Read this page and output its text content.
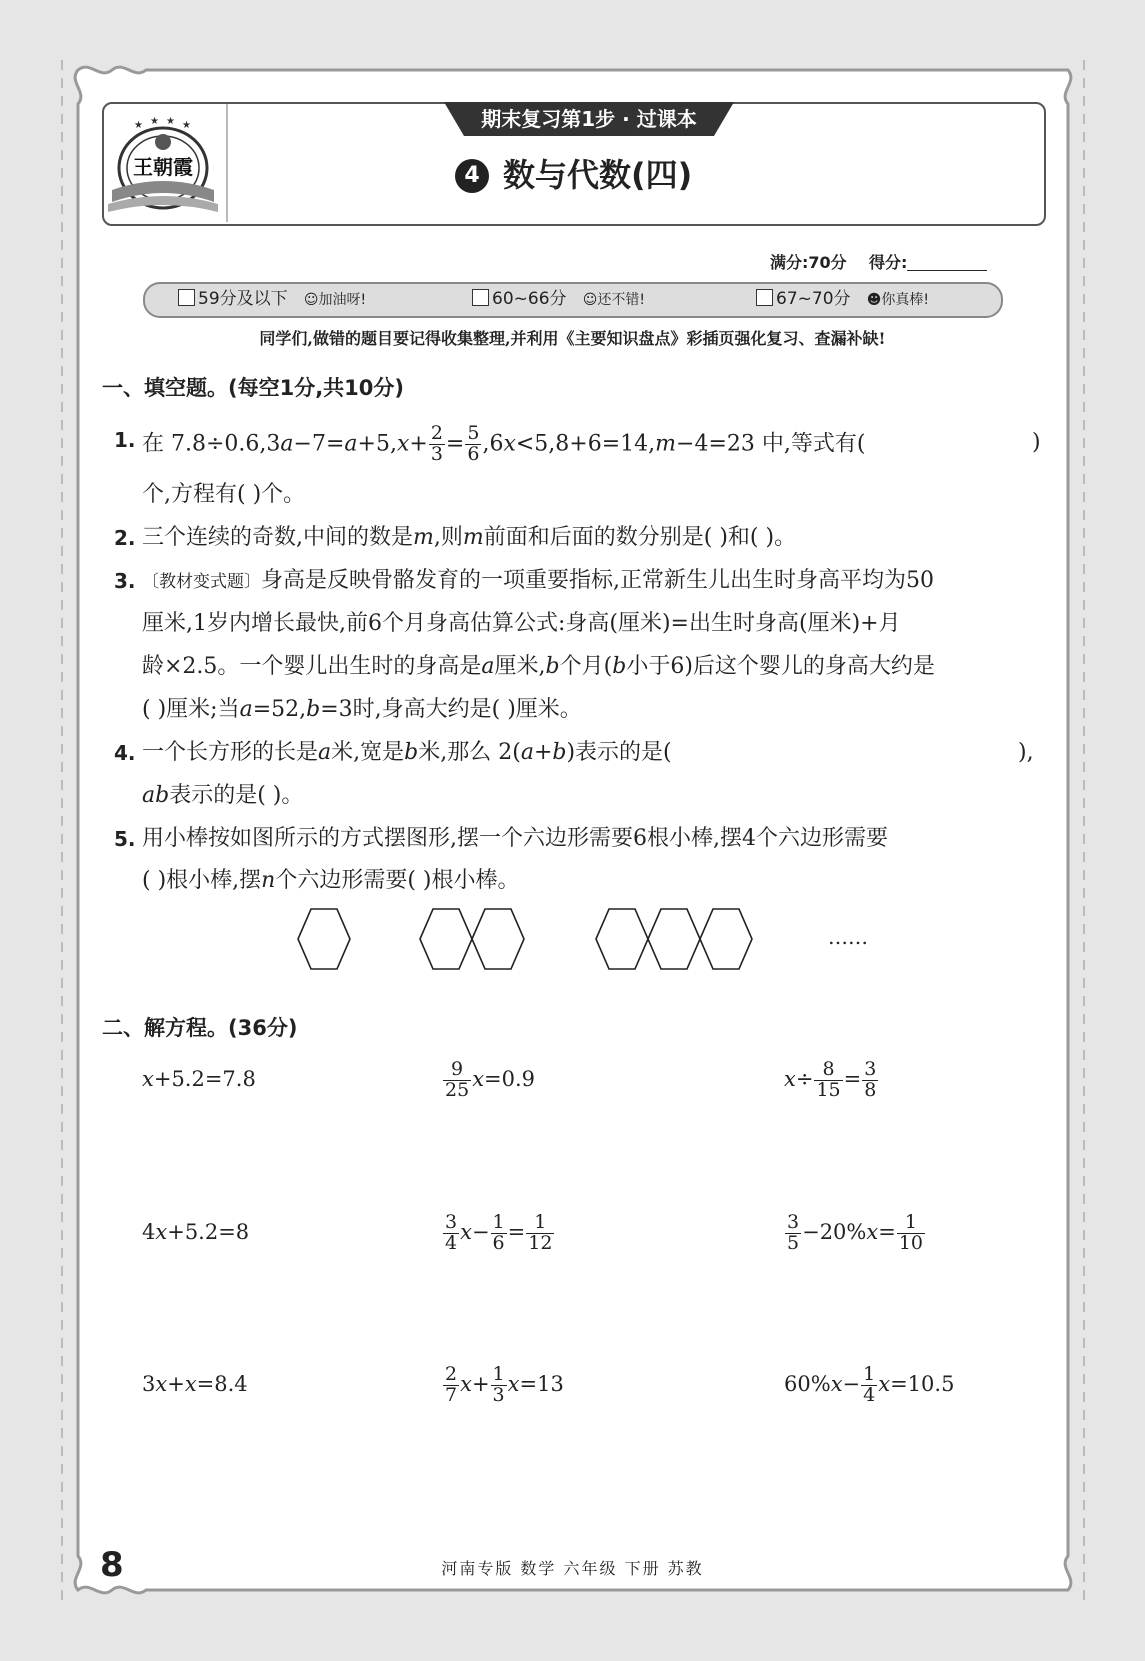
王朝霞
★ ★ ★ ★	期末复习第1步 · 过课本
4 数与代数(四)
满分:70分 得分:
59分及以下 ☺加油呀!	60~66分 ☺还不错!	67~70分 ☻你真棒!
同学们,做错的题目要记得收集整理,并利用《主要知识盘点》彩插页强化复习、查漏补缺!
一、填空题。(每空1分,共10分)
1. 在 $7.8\div 0.6,3a-7=a+5,x+ \frac{2}{3} = \frac{5}{6} ,6x<5,8+6=14,m-4=23$ 中,等式有(	)
个,方程有( )个。
2. 三个连续的奇数,中间的数是m,则m前面和后面的数分别是( )和( )。
3. 〔教材变式题〕身高是反映骨骼发育的一项重要指标,正常新生儿出生时身高平均为50
厘米,1岁内增长最快,前6个月身高估算公式:身高(厘米)=出生时身高(厘米)+月
龄×2.5。一个婴儿出生时的身高是a厘米,b个月(b小于6)后这个婴儿的身高大约是
( )厘米;当a=52,b=3时,身高大约是( )厘米。
4. 一个长方形的长是a米,宽是b米,那么 2(a+b)表示的是(	),
ab表示的是( )。
5. 用小棒按如图所示的方式摆图形,摆一个六边形需要6根小棒,摆4个六边形需要
( )根小棒,摆n个六边形需要( )根小棒。
……
二、解方程。(36分)
x+5.2=7.8	$\frac{9}{25} x=0.9$	$x\div \frac{8}{15} = \frac{3}{8}$
4x+5.2=8	$\frac{3}{4} x- \frac{1}{6} = \frac{1}{12}$	$\frac{3}{5} -20\%x= \frac{1}{10}$
3x+x=8.4	$\frac{2}{7} x+ \frac{1}{3} x=13$	$60\%x- \frac{1}{4} x=10.5$
8	河南专版 数学 六年级 下册 苏教
